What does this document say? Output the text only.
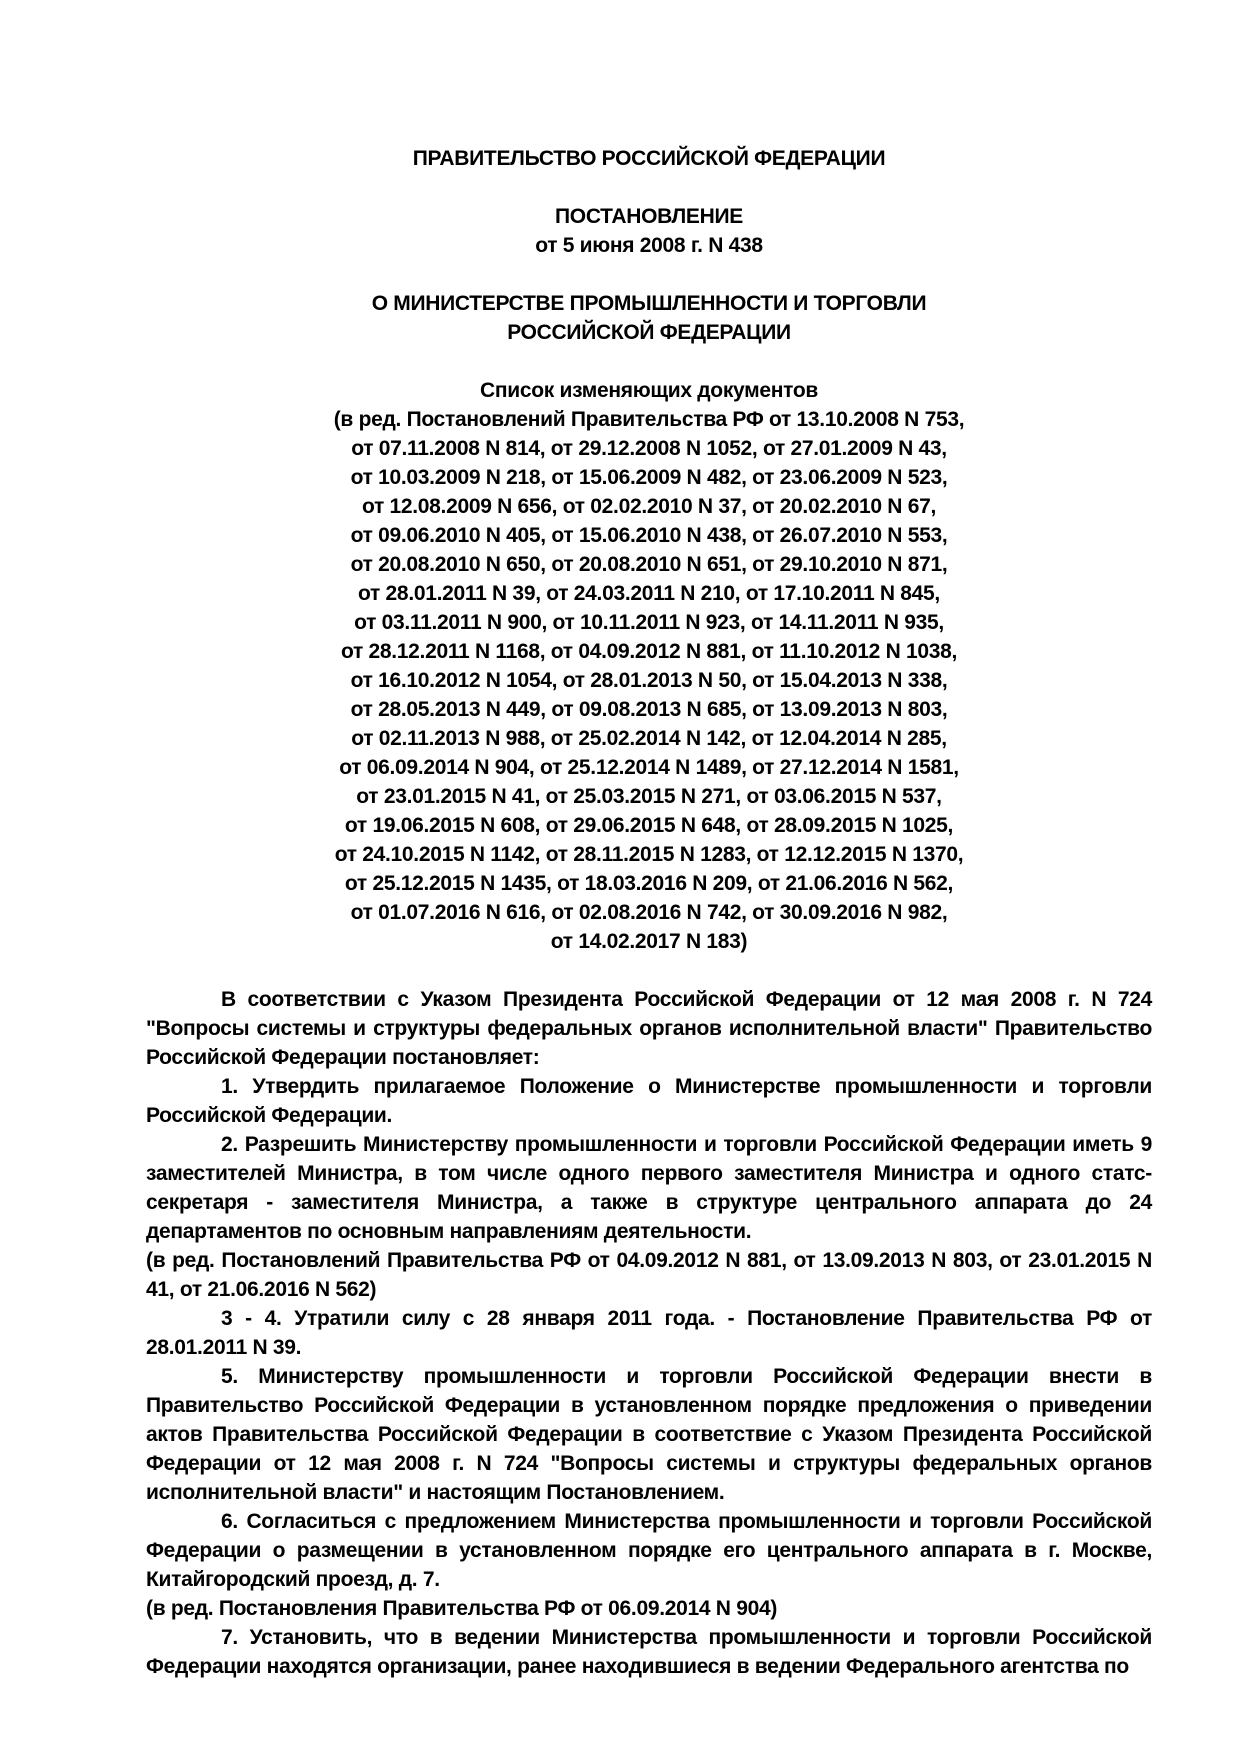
ПРАВИТЕЛЬСТВО РОССИЙСКОЙ ФЕДЕРАЦИИ
ПОСТАНОВЛЕНИЕ
от 5 июня 2008 г. N 438
О МИНИСТЕРСТВЕ ПРОМЫШЛЕННОСТИ И ТОРГОВЛИ
РОССИЙСКОЙ ФЕДЕРАЦИИ
Список изменяющих документов
(в ред. Постановлений Правительства РФ от 13.10.2008 N 753,
от 07.11.2008 N 814, от 29.12.2008 N 1052, от 27.01.2009 N 43,
от 10.03.2009 N 218, от 15.06.2009 N 482, от 23.06.2009 N 523,
от 12.08.2009 N 656, от 02.02.2010 N 37, от 20.02.2010 N 67,
от 09.06.2010 N 405, от 15.06.2010 N 438, от 26.07.2010 N 553,
от 20.08.2010 N 650, от 20.08.2010 N 651, от 29.10.2010 N 871,
от 28.01.2011 N 39, от 24.03.2011 N 210, от 17.10.2011 N 845,
от 03.11.2011 N 900, от 10.11.2011 N 923, от 14.11.2011 N 935,
от 28.12.2011 N 1168, от 04.09.2012 N 881, от 11.10.2012 N 1038,
от 16.10.2012 N 1054, от 28.01.2013 N 50, от 15.04.2013 N 338,
от 28.05.2013 N 449, от 09.08.2013 N 685, от 13.09.2013 N 803,
от 02.11.2013 N 988, от 25.02.2014 N 142, от 12.04.2014 N 285,
от 06.09.2014 N 904, от 25.12.2014 N 1489, от 27.12.2014 N 1581,
от 23.01.2015 N 41, от 25.03.2015 N 271, от 03.06.2015 N 537,
от 19.06.2015 N 608, от 29.06.2015 N 648, от 28.09.2015 N 1025,
от 24.10.2015 N 1142, от 28.11.2015 N 1283, от 12.12.2015 N 1370,
от 25.12.2015 N 1435, от 18.03.2016 N 209, от 21.06.2016 N 562,
от 01.07.2016 N 616, от 02.08.2016 N 742, от 30.09.2016 N 982,
от 14.02.2017 N 183)

В соответствии с Указом Президента Российской Федерации от 12 мая 2008 г. N 724 "Вопросы системы и структуры федеральных органов исполнительной власти" Правительство Российской Федерации постановляет:

1. Утвердить прилагаемое Положение о Министерстве промышленности и торговли Российской Федерации.

2. Разрешить Министерству промышленности и торговли Российской Федерации иметь 9 заместителей Министра, в том числе одного первого заместителя Министра и одного статс-секретаря - заместителя Министра, а также в структуре центрального аппарата до 24 департаментов по основным направлениям деятельности.

(в ред. Постановлений Правительства РФ от 04.09.2012 N 881, от 13.09.2013 N 803, от 23.01.2015 N 41, от 21.06.2016 N 562)

3 - 4. Утратили силу с 28 января 2011 года. - Постановление Правительства РФ от 28.01.2011 N 39.

5. Министерству промышленности и торговли Российской Федерации внести в Правительство Российской Федерации в установленном порядке предложения о приведении актов Правительства Российской Федерации в соответствие с Указом Президента Российской Федерации от 12 мая 2008 г. N 724 "Вопросы системы и структуры федеральных органов исполнительной власти" и настоящим Постановлением.

6. Согласиться с предложением Министерства промышленности и торговли Российской Федерации о размещении в установленном порядке его центрального аппарата в г. Москве, Китайгородский проезд, д. 7.

(в ред. Постановления Правительства РФ от 06.09.2014 N 904)

7. Установить, что в ведении Министерства промышленности и торговли Российской Федерации находятся организации, ранее находившиеся в ведении Федерального агентства по
